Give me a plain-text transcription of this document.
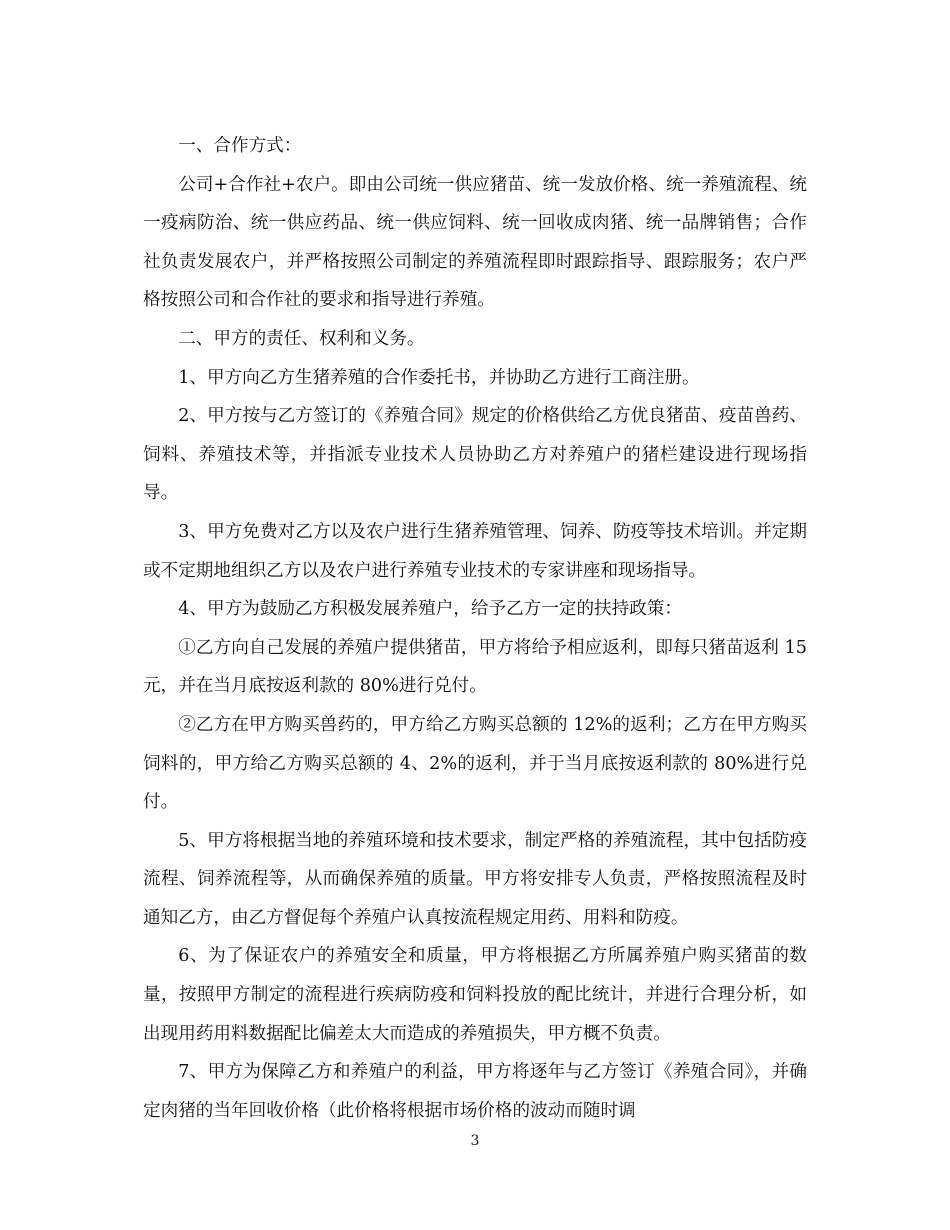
一、合作方式：

公司+合作社+农户。即由公司统一供应猪苗、统一发放价格、统一养殖流程、统一疫病防治、统一供应药品、统一供应饲料、统一回收成肉猪、统一品牌销售；合作社负责发展农户，并严格按照公司制定的养殖流程即时跟踪指导、跟踪服务；农户严格按照公司和合作社的要求和指导进行养殖。

二、甲方的责任、权利和义务。

1、甲方向乙方生猪养殖的合作委托书，并协助乙方进行工商注册。

2、甲方按与乙方签订的《养殖合同》规定的价格供给乙方优良猪苗、疫苗兽药、饲料、养殖技术等，并指派专业技术人员协助乙方对养殖户的猪栏建设进行现场指导。

3、甲方免费对乙方以及农户进行生猪养殖管理、饲养、防疫等技术培训。并定期或不定期地组织乙方以及农户进行养殖专业技术的专家讲座和现场指导。

4、甲方为鼓励乙方积极发展养殖户，给予乙方一定的扶持政策：

①乙方向自己发展的养殖户提供猪苗，甲方将给予相应返利，即每只猪苗返利 15 元，并在当月底按返利款的 80%进行兑付。

②乙方在甲方购买兽药的，甲方给乙方购买总额的 12%的返利；乙方在甲方购买饲料的，甲方给乙方购买总额的 4、2%的返利，并于当月底按返利款的 80%进行兑付。

5、甲方将根据当地的养殖环境和技术要求，制定严格的养殖流程，其中包括防疫流程、饲养流程等，从而确保养殖的质量。甲方将安排专人负责，严格按照流程及时通知乙方，由乙方督促每个养殖户认真按流程规定用药、用料和防疫。

6、为了保证农户的养殖安全和质量，甲方将根据乙方所属养殖户购买猪苗的数量，按照甲方制定的流程进行疾病防疫和饲料投放的配比统计，并进行合理分析，如出现用药用料数据配比偏差太大而造成的养殖损失，甲方概不负责。

7、甲方为保障乙方和养殖户的利益，甲方将逐年与乙方签订《养殖合同》，并确定肉猪的当年回收价格（此价格将根据市场价格的波动而随时调

3
